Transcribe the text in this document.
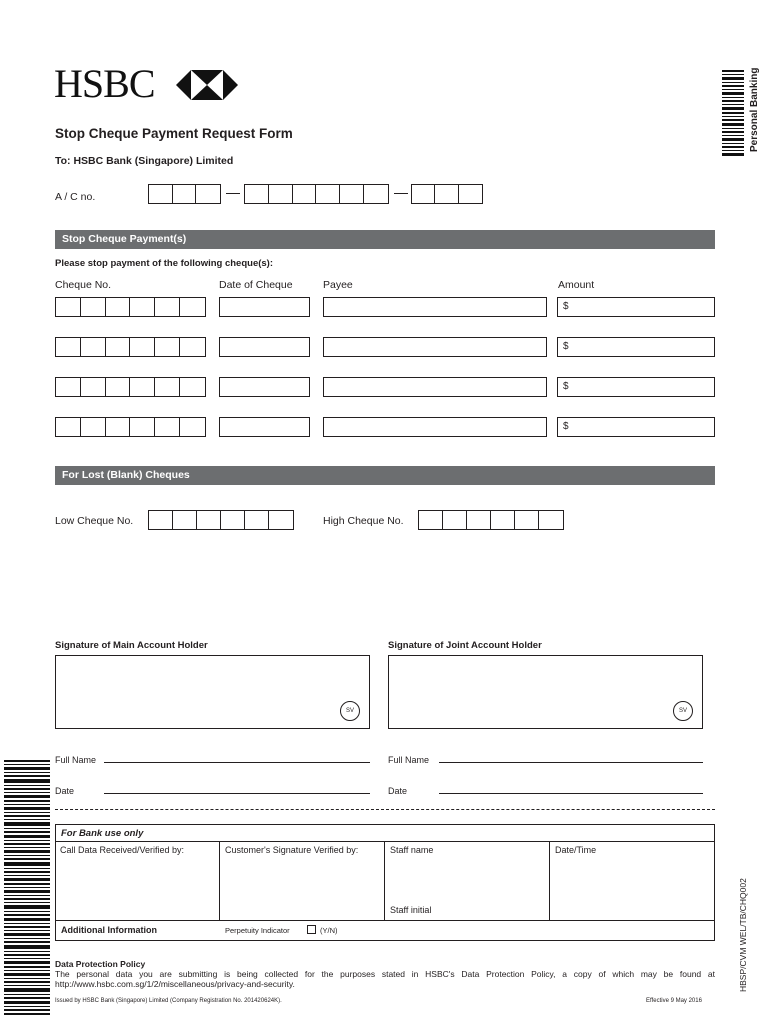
HSBC	Personal Banking
Stop Cheque Payment Request Form
To: HSBC Bank (Singapore) Limited
A / C no.
Stop Cheque Payment(s)
Please stop payment of the following cheque(s):
Cheque No.	Date of Cheque	Payee	Amount
$
$
$
$
For Lost (Blank) Cheques
Low Cheque No.	High Cheque No.
Signature of Main Account Holder	Signature of Joint Account Holder
SV	SV
Full Name	Full Name
Date	Date
For Bank use only
Call Data Received/Verified by:	Customer's Signature Verified by:	Staff name	Date/Time
Staff initial
Additional Information	Perpetuity Indicator	(Y/N)
Data Protection Policy
The personal data you are submitting is being collected for the purposes stated in HSBC's Data Protection Policy, a copy of which may be found at http://www.hsbc.com.sg/1/2/miscellaneous/privacy-and-security.
Issued by HSBC Bank (Singapore) Limited (Company Registration No. 201420624K).	Effective 9 May 2016
HBSP/CVM WEL/TB/CHQ002
